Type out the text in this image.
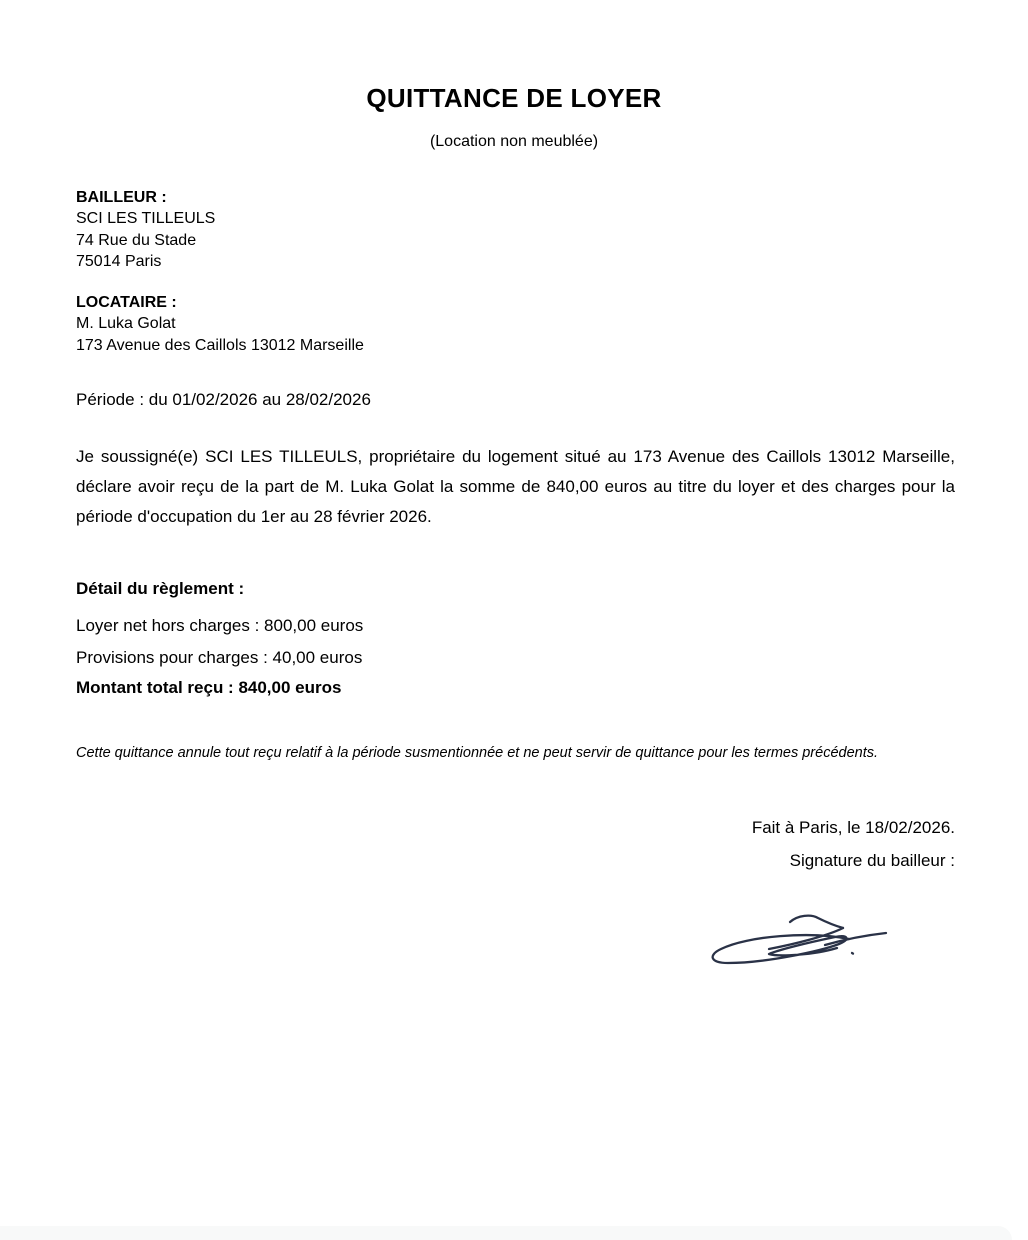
QUITTANCE DE LOYER
(Location non meublée)
BAILLEUR :
SCI LES TILLEULS
74 Rue du Stade
75014 Paris
LOCATAIRE :
M. Luka Golat
173 Avenue des Caillols 13012 Marseille
Période : du 01/02/2026 au 28/02/2026
Je soussigné(e) SCI LES TILLEULS, propriétaire du logement situé au 173 Avenue des Caillols 13012 Marseille, déclare avoir reçu de la part de M. Luka Golat la somme de 840,00 euros au titre du loyer et des charges pour la période d'occupation du 1er au 28 février 2026.
Détail du règlement :
Loyer net hors charges : 800,00 euros
Provisions pour charges : 40,00 euros
Montant total reçu : 840,00 euros
Cette quittance annule tout reçu relatif à la période susmentionnée et ne peut servir de quittance pour les termes précédents.
Fait à Paris, le 18/02/2026.
Signature du bailleur :
